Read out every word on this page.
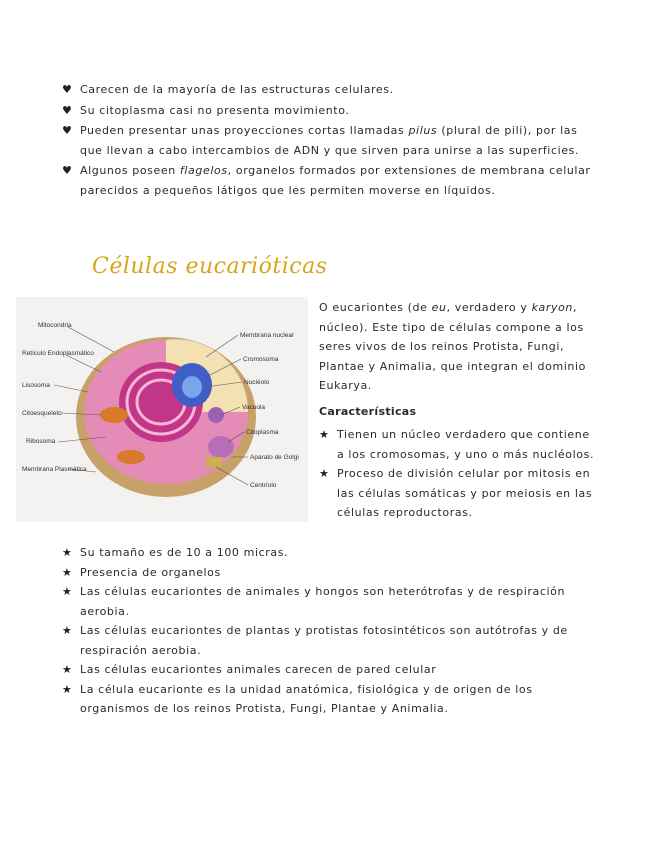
♥ Carecen de la mayoría de las estructuras celulares.
♥ Su citoplasma casi no presenta movimiento.
♥ Pueden presentar unas proyecciones cortas llamadas pilus (plural de pili), por las que llevan a cabo intercambios de ADN y que sirven para unirse a las superficies.
♥ Algunos poseen flagelos, organelos formados por extensiones de membrana celular parecidos a pequeños látigos que les permiten moverse en líquidos.
Células eucarióticas
Mitocondria
Retículo Endoplasmático
Lisosoma
Citoesqueleto
Ribosoma
Membrana Plasmática
Membrana nuclear
Cromosoma
Nucléolo
Vacuola
Citoplasma
Aparato de Golgi
Centríolo

O eucariontes (de eu, verdadero y karyon, núcleo). Este tipo de células compone a los seres vivos de los reinos Protista, Fungi, Plantae y Animalia, que integran el dominio Eukarya.

Características

★ Tienen un núcleo verdadero que contiene a los cromosomas, y uno o más nucléolos.
★ Proceso de división celular por mitosis en las células somáticas y por meiosis en las células reproductoras.
★ Su tamaño es de 10 a 100 micras.
★ Presencia de organelos
★ Las células eucariontes de animales y hongos son heterótrofas y de respiración aerobia.
★ Las células eucariontes de plantas y protistas fotosintéticos son autótrofas y de respiración aerobia.
★ Las células eucariontes animales carecen de pared celular
★ La célula eucarionte es la unidad anatómica, fisiológica y de origen de los organismos de los reinos Protista, Fungi, Plantae y Animalia.
